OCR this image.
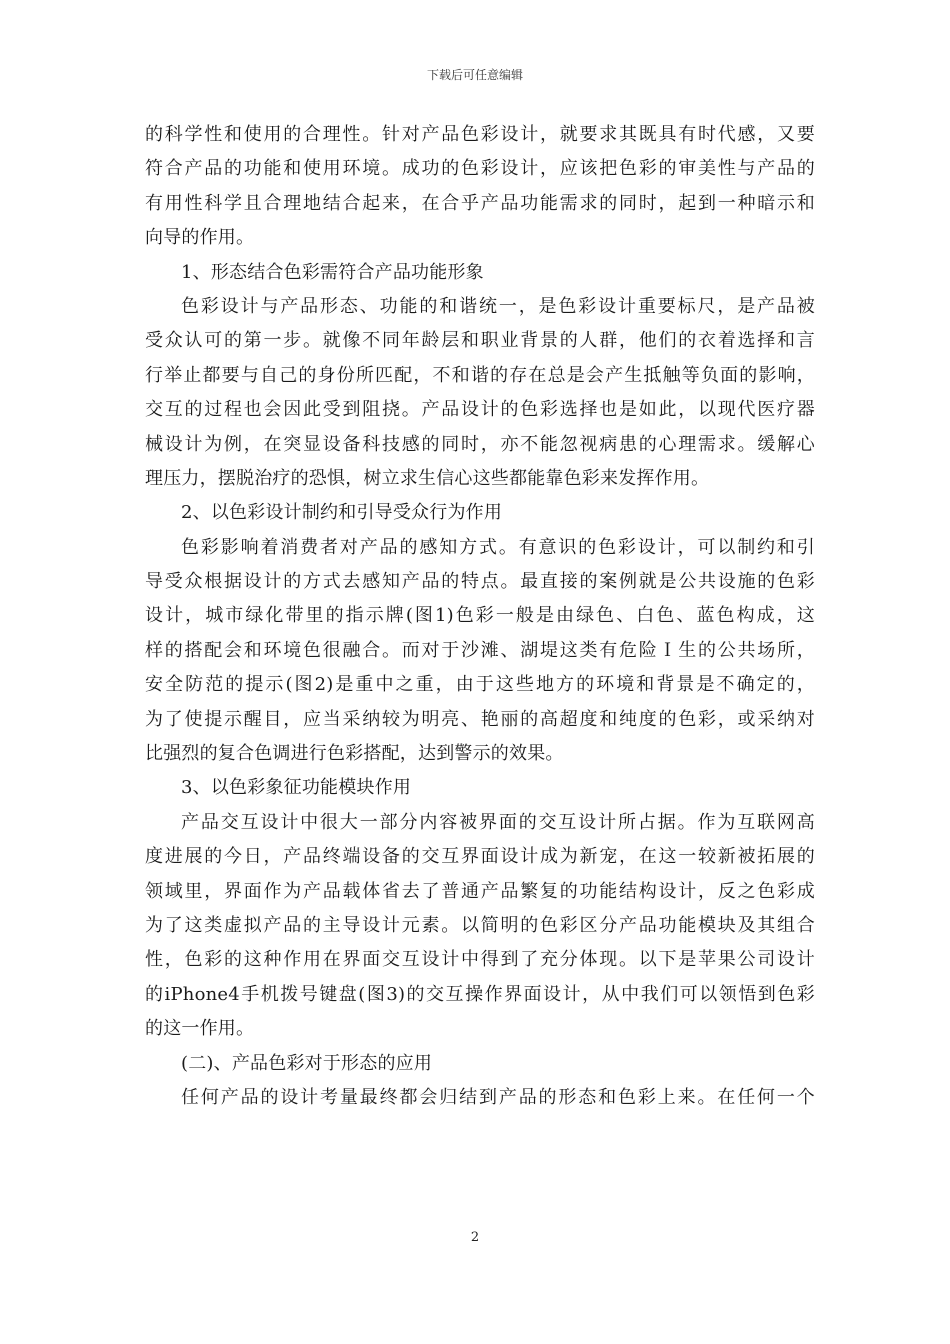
下载后可任意编辑
的科学性和使用的合理性。针对产品色彩设计，就要求其既具有时代感，又要
符合产品的功能和使用环境。成功的色彩设计，应该把色彩的审美性与产品的
有用性科学且合理地结合起来，在合乎产品功能需求的同时，起到一种暗示和
向导的作用。
1、形态结合色彩需符合产品功能形象
色彩设计与产品形态、功能的和谐统一，是色彩设计重要标尺，是产品被
受众认可的第一步。就像不同年龄层和职业背景的人群，他们的衣着选择和言
行举止都要与自己的身份所匹配，不和谐的存在总是会产生抵触等负面的影响，
交互的过程也会因此受到阻挠。产品设计的色彩选择也是如此，以现代医疗器
械设计为例，在突显设备科技感的同时，亦不能忽视病患的心理需求。缓解心
理压力，摆脱治疗的恐惧，树立求生信心这些都能靠色彩来发挥作用。
2、以色彩设计制约和引导受众行为作用
色彩影响着消费者对产品的感知方式。有意识的色彩设计，可以制约和引
导受众根据设计的方式去感知产品的特点。最直接的案例就是公共设施的色彩
设计，城市绿化带里的指示牌(图1)色彩一般是由绿色、白色、蓝色构成，这
样的搭配会和环境色很融合。而对于沙滩、湖堤这类有危险Ｉ生的公共场所，
安全防范的提示(图2)是重中之重，由于这些地方的环境和背景是不确定的，
为了使提示醒目，应当采纳较为明亮、艳丽的高超度和纯度的色彩，或采纳对
比强烈的复合色调进行色彩搭配，达到警示的效果。
3、以色彩象征功能模块作用
产品交互设计中很大一部分内容被界面的交互设计所占据。作为互联网高
度进展的今日，产品终端设备的交互界面设计成为新宠，在这一较新被拓展的
领域里，界面作为产品载体省去了普通产品繁复的功能结构设计，反之色彩成
为了这类虚拟产品的主导设计元素。以简明的色彩区分产品功能模块及其组合
性，色彩的这种作用在界面交互设计中得到了充分体现。以下是苹果公司设计
的iPhone4手机拨号键盘(图3)的交互操作界面设计，从中我们可以领悟到色彩
的这一作用。
(二)、产品色彩对于形态的应用
任何产品的设计考量最终都会归结到产品的形态和色彩上来。在任何一个
2
